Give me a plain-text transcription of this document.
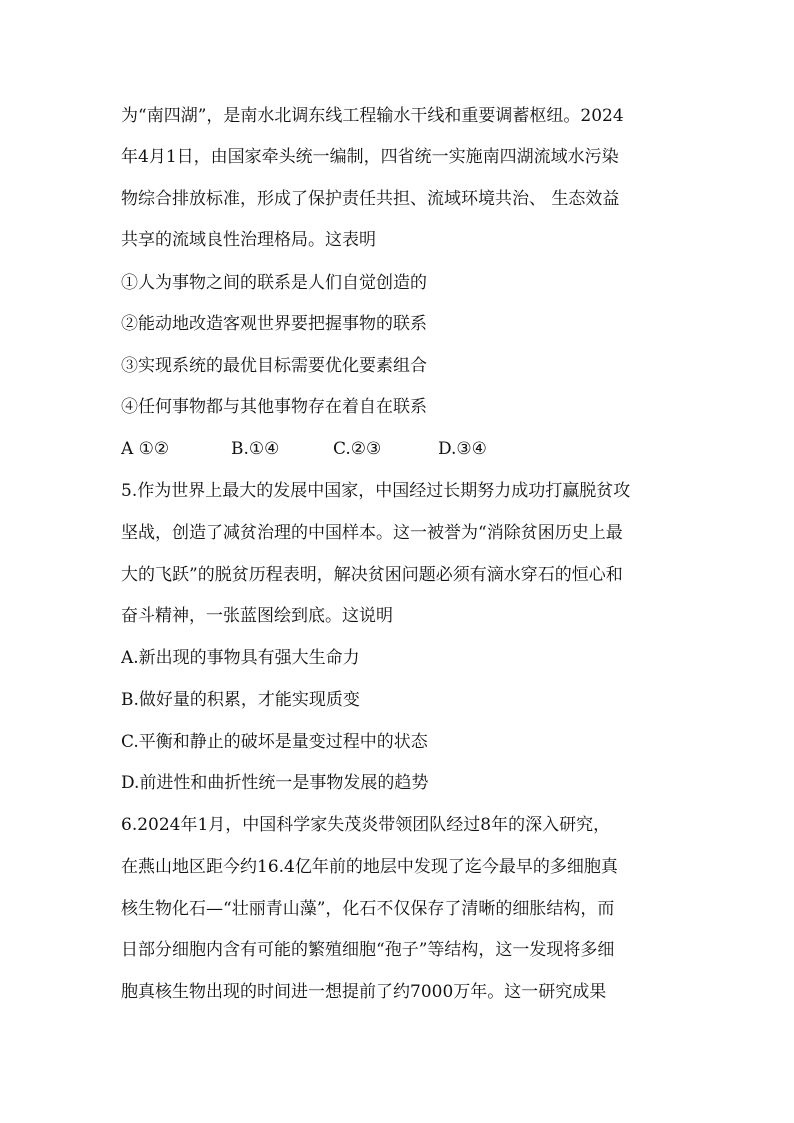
为“南四湖”，是南水北调东线工程输水干线和重要调蓄枢纽。2024
年4月1日，由国家牵头统一编制，四省统一实施南四湖流域水污染
物综合排放标准，形成了保护责任共担、流域环境共治、 生态效益
共享的流域良性治理格局。这表明
①人为事物之间的联系是人们自觉创造的
②能动地改造客观世界要把握事物的联系
③实现系统的最优目标需要优化要素组合
④任何事物都与其他事物存在着自在联系
A ①②	B.①④	C.②③	D.③④
5.作为世界上最大的发展中国家，中国经过长期努力成功打赢脱贫攻
坚战，创造了减贫治理的中国样本。这一被誉为“消除贫困历史上最
大的飞跃”的脱贫历程表明，解决贫困问题必须有滴水穿石的恒心和
奋斗精神，一张蓝图绘到底。这说明
A.新出现的事物具有强大生命力
B.做好量的积累，才能实现质变
C.平衡和静止的破坏是量变过程中的状态
D.前进性和曲折性统一是事物发展的趋势
6.2024年1月，中国科学家失茂炎带领团队经过8年的深入研究，
在燕山地区距今约16.4亿年前的地层中发现了迄今最早的多细胞真
核生物化石—“壮丽青山藻”，化石不仅保存了清晰的细胀结构，而
日部分细胞内含有可能的繁殖细胞“孢子”等结构，这一发现将多细
胞真核生物出现的时间进一想提前了约7000万年。这一研究成果
